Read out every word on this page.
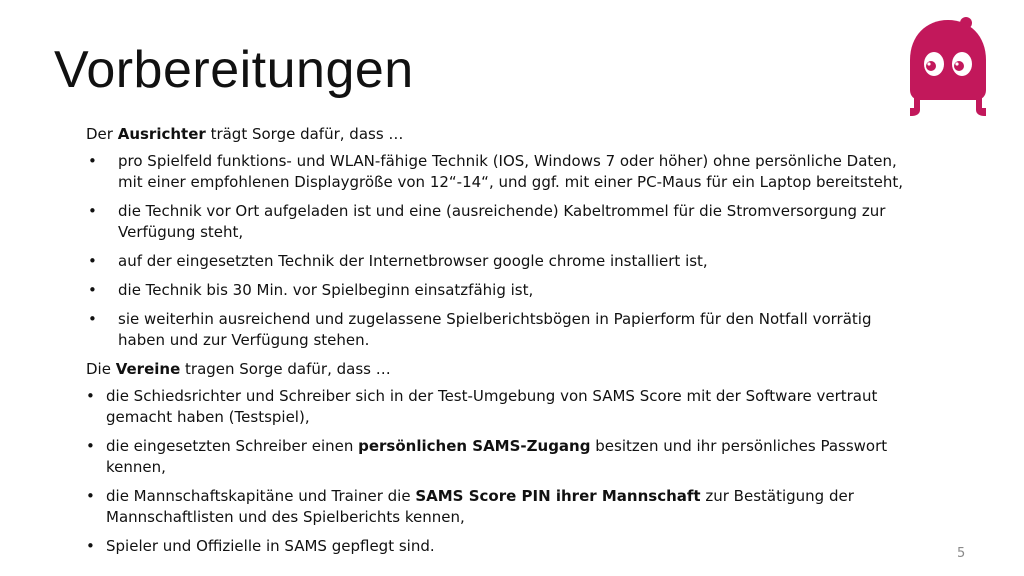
Vorbereitungen

Der Ausrichter trägt Sorge dafür, dass …

• pro Spielfeld funktions- und WLAN-fähige Technik (IOS, Windows 7 oder höher) ohne persönliche Daten, mit einer empfohlenen Displaygröße von 12“-14“, und ggf. mit einer PC-Maus für ein Laptop bereitsteht,
• die Technik vor Ort aufgeladen ist und eine (ausreichende) Kabeltrommel für die Stromversorgung zur Verfügung steht,
• auf der eingesetzten Technik der Internetbrowser google chrome installiert ist,
• die Technik bis 30 Min. vor Spielbeginn einsatzfähig ist,
• sie weiterhin ausreichend und zugelassene Spielberichtsbögen in Papierform für den Notfall vorrätig haben und zur Verfügung stehen.

Die Vereine tragen Sorge dafür, dass …

• die Schiedsrichter und Schreiber sich in der Test-Umgebung von SAMS Score mit der Software vertraut gemacht haben (Testspiel),
• die eingesetzten Schreiber einen persönlichen SAMS-Zugang besitzen und ihr persönliches Passwort kennen,
• die Mannschaftskapitäne und Trainer die SAMS Score PIN ihrer Mannschaft zur Bestätigung der Mannschaftlisten und des Spielberichts kennen,
• Spieler und Offizielle in SAMS gepflegt sind.	5
